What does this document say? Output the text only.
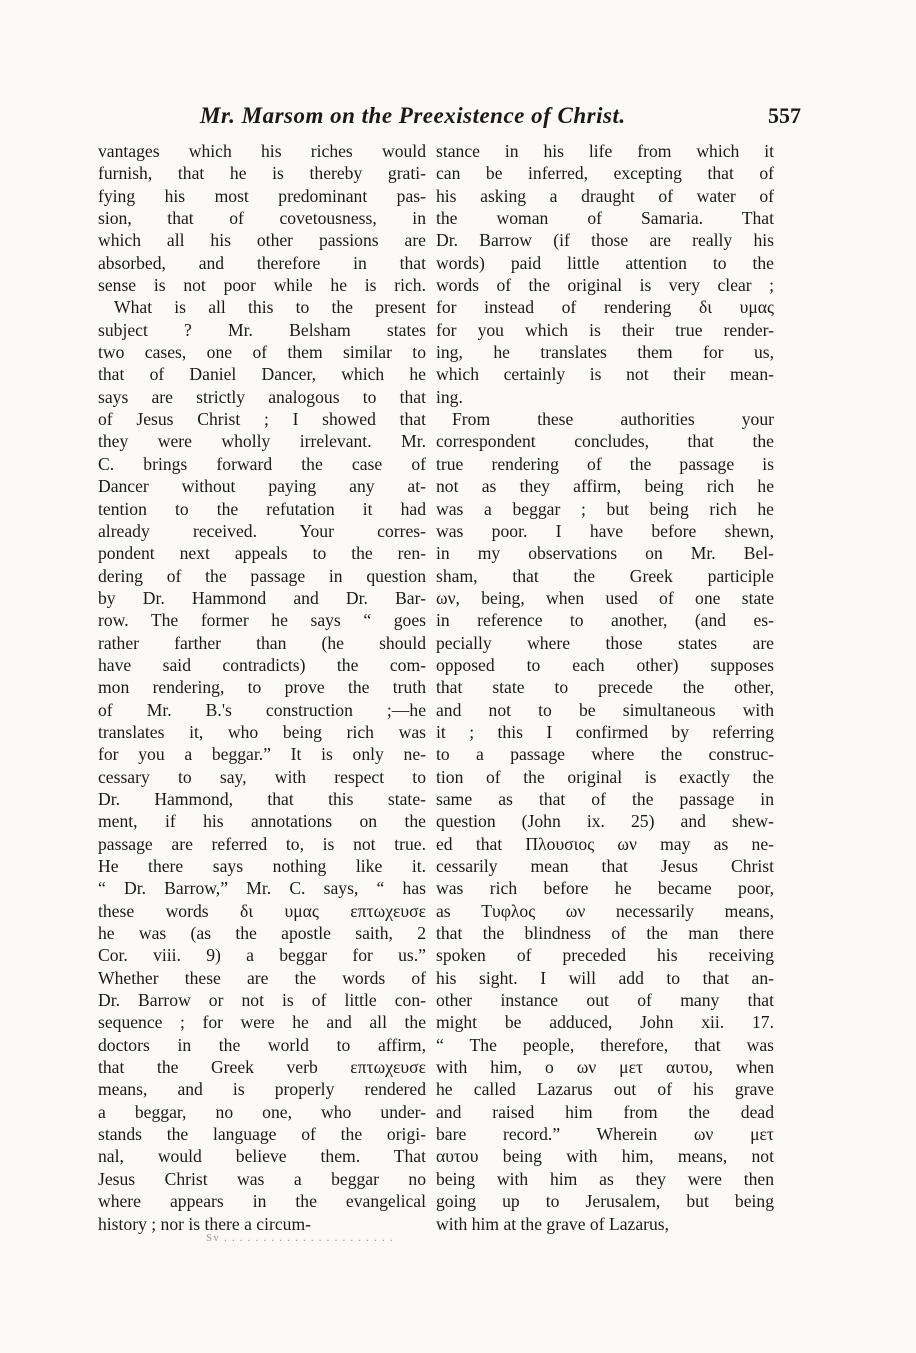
Mr. Marsom on the Preexistence of Christ.	557
vantages which his riches would
furnish, that he is thereby grati-
fying his most predominant pas-
sion, that of covetousness, in
which all his other passions are
absorbed, and therefore in that
sense is not poor while he is rich.
What is all this to the present
subject ? Mr. Belsham states
two cases, one of them similar to
that of Daniel Dancer, which he
says are strictly analogous to that
of Jesus Christ ; I showed that
they were wholly irrelevant. Mr.
C. brings forward the case of
Dancer without paying any at-
tention to the refutation it had
already received. Your corres-
pondent next appeals to the ren-
dering of the passage in question
by Dr. Hammond and Dr. Bar-
row. The former he says “ goes
rather farther than (he should
have said contradicts) the com-
mon rendering, to prove the truth
of Mr. B.'s construction ;—he
translates it, who being rich was
for you a beggar.” It is only ne-
cessary to say, with respect to
Dr. Hammond, that this state-
ment, if his annotations on the
passage are referred to, is not true.
He there says nothing like it.
“ Dr. Barrow,” Mr. C. says, “ has
these words δι υμας επτωχευσε
he was (as the apostle saith, 2
Cor. viii. 9) a beggar for us.”
Whether these are the words of
Dr. Barrow or not is of little con-
sequence ; for were he and all the
doctors in the world to affirm,
that the Greek verb επτωχευσε
means, and is properly rendered
a beggar, no one, who under-
stands the language of the origi-
nal, would believe them. That
Jesus Christ was a beggar no
where appears in the evangelical
history ; nor is there a circum-
stance in his life from which it
can be inferred, excepting that of
his asking a draught of water of
the woman of Samaria. That
Dr. Barrow (if those are really his
words) paid little attention to the
words of the original is very clear ;
for instead of rendering δι υμας
for you which is their true render-
ing, he translates them for us,
which certainly is not their mean-
ing.
From these authorities your
correspondent concludes, that the
true rendering of the passage is
not as they affirm, being rich he
was a beggar ; but being rich he
was poor. I have before shewn,
in my observations on Mr. Bel-
sham, that the Greek participle
ων, being, when used of one state
in reference to another, (and es-
pecially where those states are
opposed to each other) supposes
that state to precede the other,
and not to be simultaneous with
it ; this I confirmed by referring
to a passage where the construc-
tion of the original is exactly the
same as that of the passage in
question (John ix. 25) and shew-
ed that Πλουσιος ων may as ne-
cessarily mean that Jesus Christ
was rich before he became poor,
as Τυφλος ων necessarily means,
that the blindness of the man there
spoken of preceded his receiving
his sight. I will add to that an-
other instance out of many that
might be adduced, John xii. 17.
“ The people, therefore, that was
with him, ο ων μετ αυτου, when
he called Lazarus out of his grave
and raised him from the dead
bare record.” Wherein ων μετ
αυτου being with him, means, not
being with him as they were then
going up to Jerusalem, but being
with him at the grave of Lazarus,
Sv . . . . . . . . . . . . . . . . . . . . . .
